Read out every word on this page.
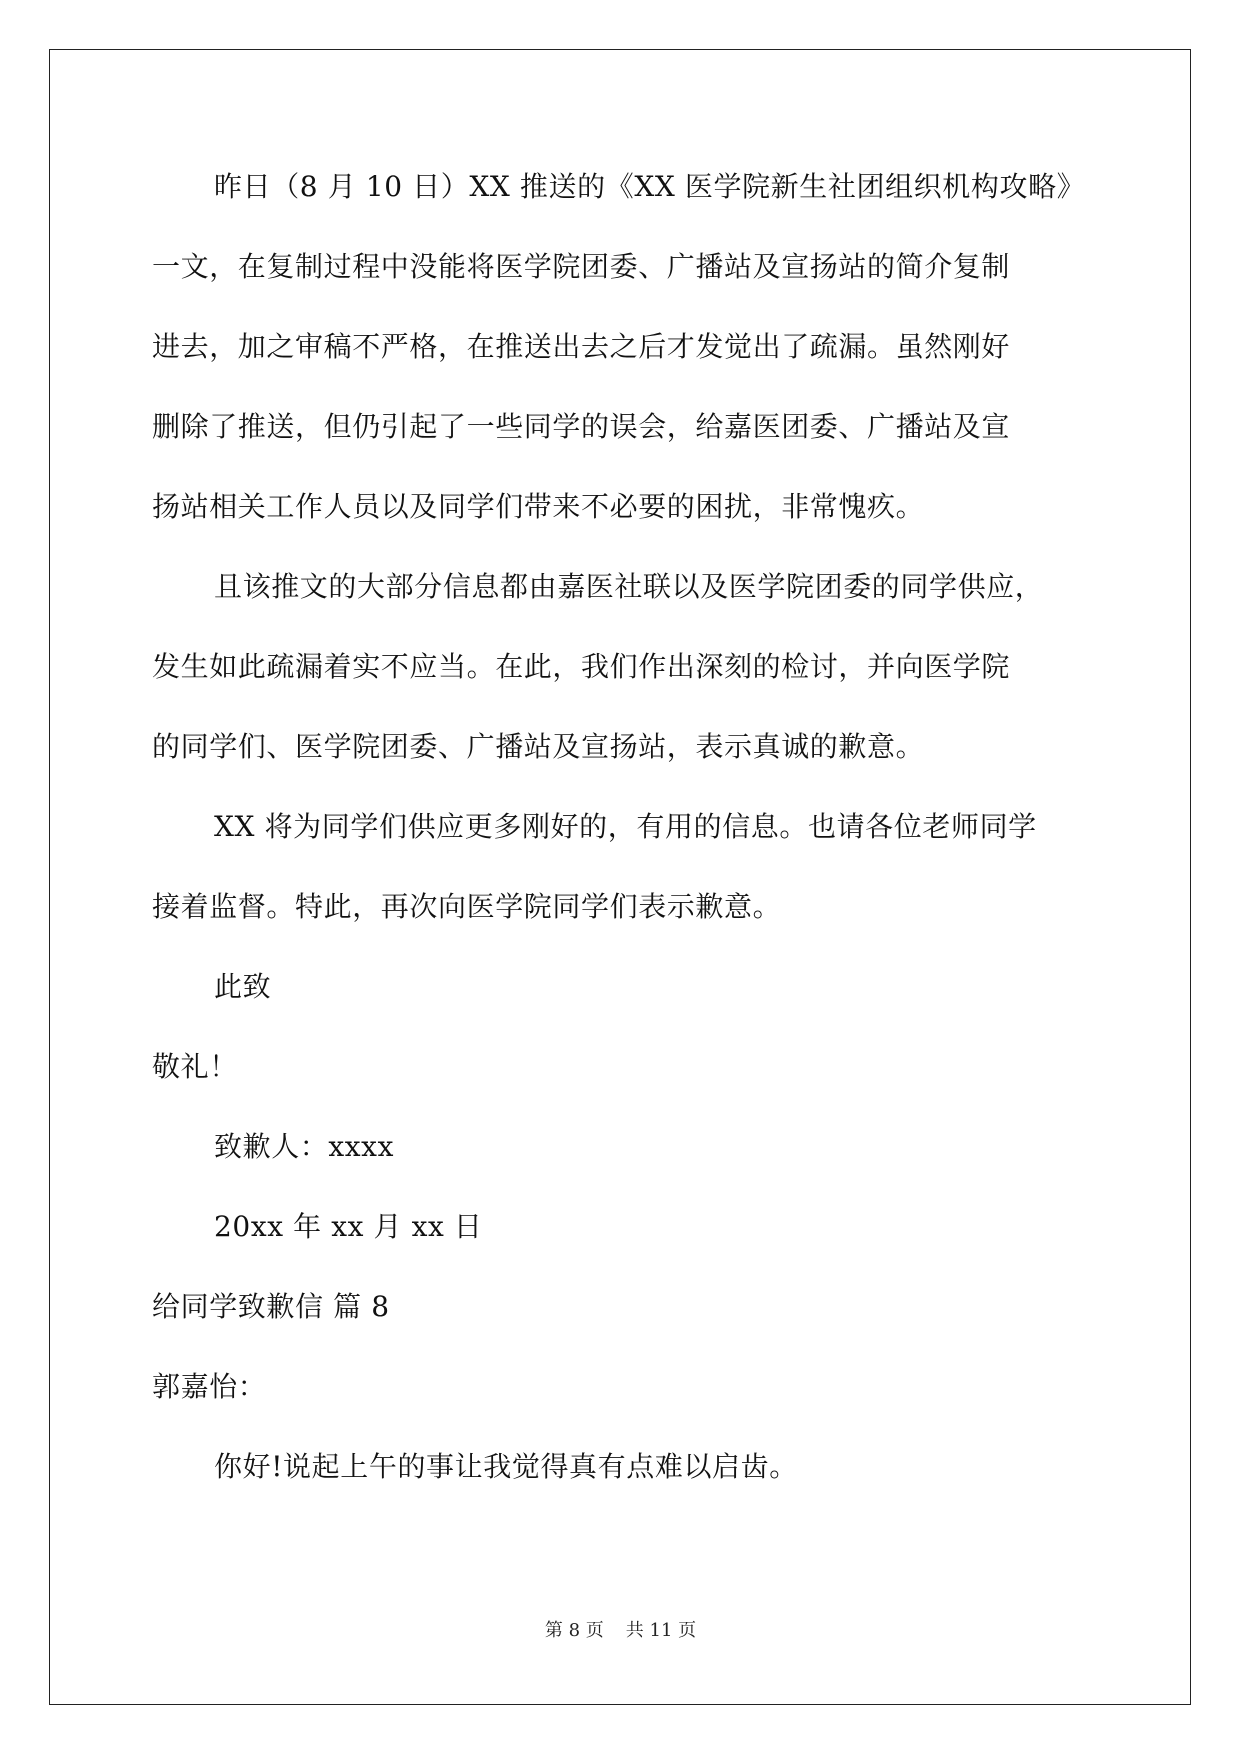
昨日（8 月 10 日）XX 推送的《XX 医学院新生社团组织机构攻略》
一文，在复制过程中没能将医学院团委、广播站及宣扬站的简介复制
进去，加之审稿不严格，在推送出去之后才发觉出了疏漏。虽然刚好
删除了推送，但仍引起了一些同学的误会，给嘉医团委、广播站及宣
扬站相关工作人员以及同学们带来不必要的困扰，非常愧疚。
且该推文的大部分信息都由嘉医社联以及医学院团委的同学供应，
发生如此疏漏着实不应当。在此，我们作出深刻的检讨，并向医学院
的同学们、医学院团委、广播站及宣扬站，表示真诚的歉意。
XX 将为同学们供应更多刚好的，有用的信息。也请各位老师同学
接着监督。特此，再次向医学院同学们表示歉意。
此致
敬礼！
致歉人：xxxx
20xx 年 xx 月 xx 日
给同学致歉信 篇 8
郭嘉怡：
你好!说起上午的事让我觉得真有点难以启齿。
第 8 页 共 11 页
